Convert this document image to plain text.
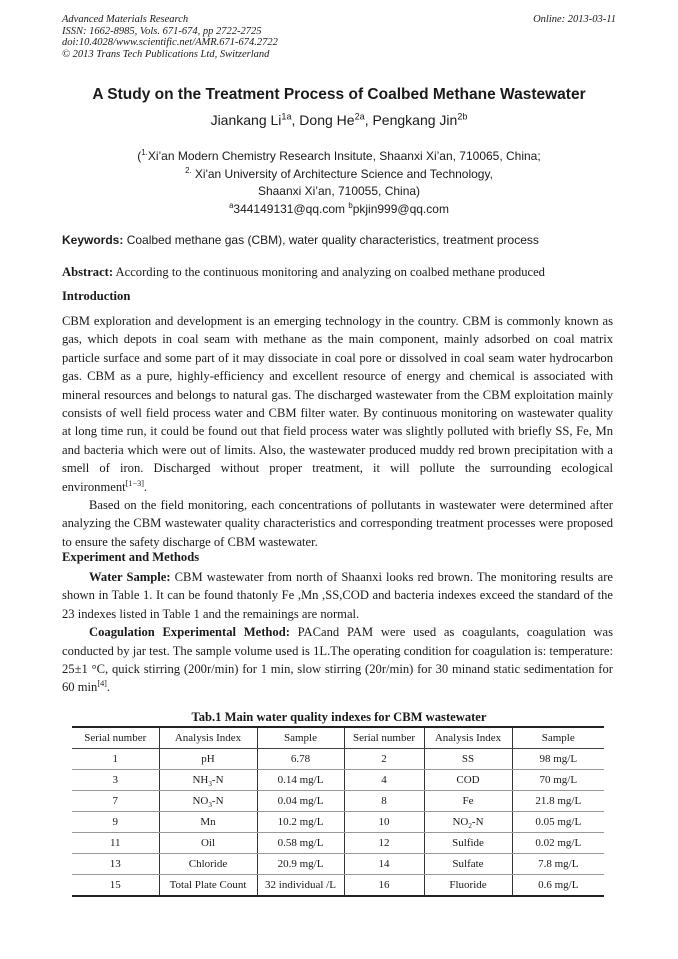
Advanced Materials Research
ISSN: 1662-8985, Vols. 671-674, pp 2722-2725
doi:10.4028/www.scientific.net/AMR.671-674.2722
© 2013 Trans Tech Publications Ltd, Switzerland
Online: 2013-03-11
A Study on the Treatment Process of Coalbed Methane Wastewater
Jiankang $Li^{1a}$, Dong $He^{2a}$, Pengkang Jin$^{2b}$
($^{1.}$Xi’an Modern Chemistry Research Insitute, Shaanxi Xi’an, 710065, China;
$^{2.}$ Xi'an University of Architecture Science and Technology,
Shaanxi Xi’an, 710055, China)
$^a$344149131@qq.com $^b$pkjin999@qq.com
Keywords: Coalbed methane gas (CBM), water quality characteristics, treatment process
Abstract: According to the continuous monitoring and analyzing on coalbed methane produced
Introduction

CBM exploration and development is an emerging technology in the country. CBM is commonly known as gas, which depots in coal seam with methane as the main component, mainly adsorbed on coal matrix particle surface and some part of it may dissociate in coal pore or dissolved in coal seam water hydrocarbon gas. CBM as a pure, highly-efficiency and excellent resource of energy and chemical is associated with mineral resources and belongs to natural gas. The discharged wastewater from the CBM exploitation mainly consists of well field process water and CBM filter water. By continuous monitoring on wastewater quality at long time run, it could be found out that field process water was slightly polluted with briefly SS, Fe, Mn and bacteria which were out of limits. Also, the wastewater produced muddy red brown precipitation with a smell of iron. Discharged without proper treatment, it will pollute the surrounding ecological environment[1−3].

Based on the field monitoring, each concentrations of pollutants in wastewater were determined after analyzing the CBM wastewater quality characteristics and corresponding treatment processes were proposed to ensure the safety discharge of CBM wastewater.

Experiment and Methods

Water Sample: CBM wastewater from north of Shaanxi looks red brown. The monitoring results are shown in Table 1. It can be found thatonly Fe ,Mn ,SS,COD and bacteria indexes exceed the standard of the 23 indexes listed in Table 1 and the remainings are normal.

Coagulation Experimental Method: PACand PAM were used as coagulants, coagulation was conducted by jar test. The sample volume used is 1L.The operating condition for coagulation is: temperature: 25±1 °C, quick stirring (200r/min) for 1 min, slow stirring (20r/min) for 30 minand static sedimentation for 60 min[4].

Tab.1 Main water quality indexes for CBM wastewater
Serial number	Analysis Index	Sample	Serial number	Analysis Index	Sample
1	pH	6.78	2	SS	98 mg/L
3	$NH_3-N$	0.14 mg/L	4	COD	70 mg/L
7	$NO_3-N$	0.04 mg/L	8	Fe	21.8 mg/L
9	Mn	10.2 mg/L	10	$NO_2-N$	0.05 mg/L
11	Oil	0.58 mg/L	12	Sulfide	0.02 mg/L
13	Chloride	20.9 mg/L	14	Sulfate	7.8 mg/L
15	Total Plate Count	32 individual /L	16	Fluoride	0.6 mg/L
